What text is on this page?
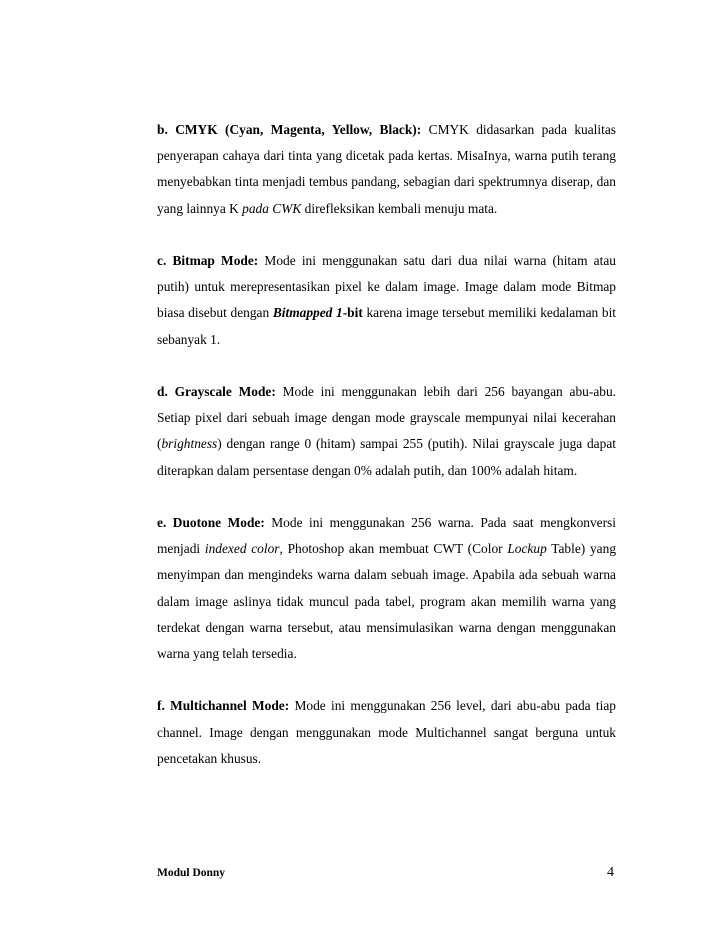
b. CMYK (Cyan, Magenta, Yellow, Black): CMYK didasarkan pada kualitas penyerapan cahaya dari tinta yang dicetak pada kertas. MisaInya, warna putih terang menyebabkan tinta menjadi tembus pandang, sebagian dari spektrumnya diserap, dan yang lainnya K pada CWK direfleksikan kembali menuju mata.

c. Bitmap Mode: Mode ini menggunakan satu dari dua nilai warna (hitam atau putih) untuk merepresentasikan pixel ke dalam image. Image dalam mode Bitmap biasa disebut dengan Bitmapped 1-bit karena image tersebut memiliki kedalaman bit sebanyak 1.

d. Grayscale Mode: Mode ini menggunakan lebih dari 256 bayangan abu-abu. Setiap pixel dari sebuah image dengan mode grayscale mempunyai nilai kecerahan (brightness) dengan range 0 (hitam) sampai 255 (putih). Nilai grayscale juga dapat diterapkan dalam persentase dengan 0% adalah putih, dan 100% adalah hitam.

e. Duotone Mode: Mode ini menggunakan 256 warna. Pada saat mengkonversi menjadi indexed color, Photoshop akan membuat CWT (Color Lockup Table) yang menyimpan dan mengindeks warna dalam sebuah image. Apabila ada sebuah warna dalam image aslinya tidak muncul pada tabel, program akan memilih warna yang terdekat dengan warna tersebut, atau mensimulasikan warna dengan menggunakan warna yang telah tersedia.

f. Multichannel Mode: Mode ini menggunakan 256 level, dari abu-abu pada tiap channel. Image dengan menggunakan mode Multichannel sangat berguna untuk pencetakan khusus.

Modul Donny	4
